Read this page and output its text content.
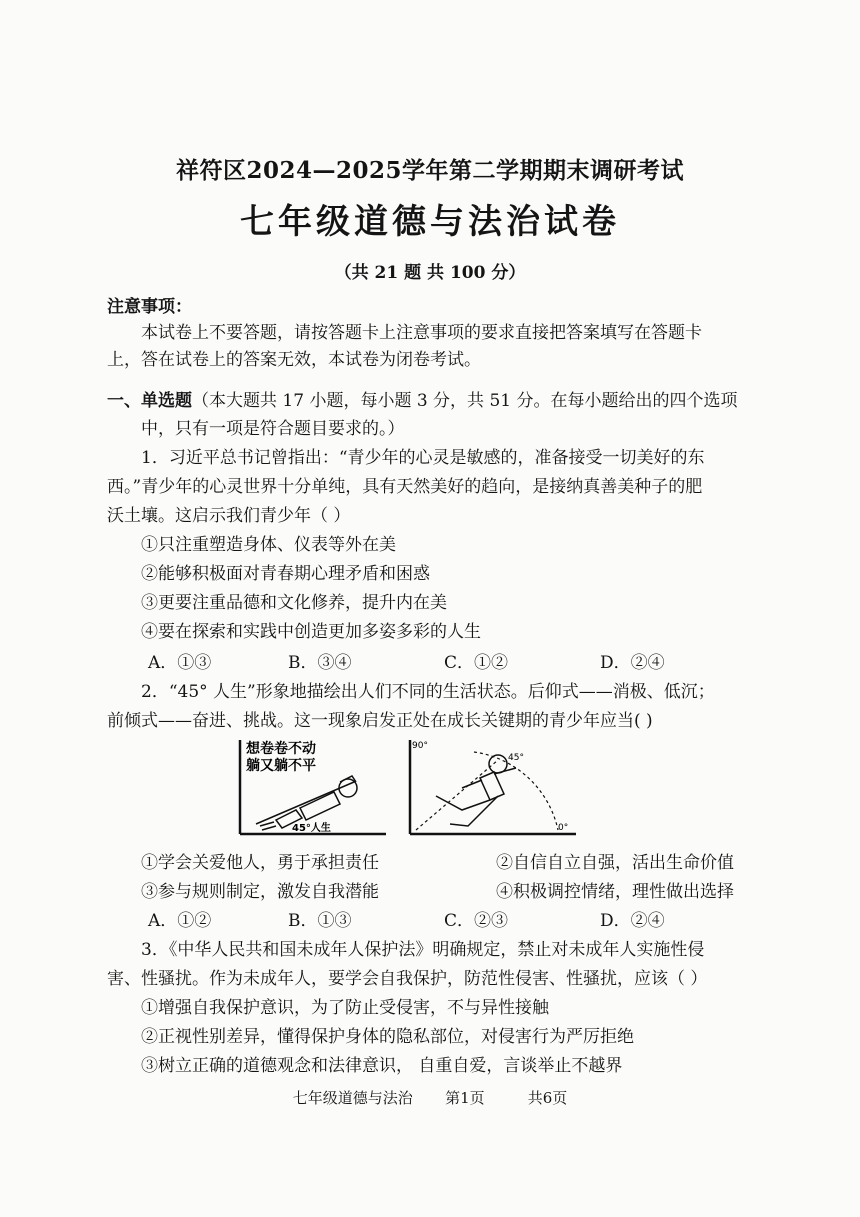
祥符区2024—2025学年第二学期期末调研考试
七年级道德与法治试卷
（共 21 题 共 100 分）
注意事项：
本试卷上不要答题，请按答题卡上注意事项的要求直接把答案填写在答题卡
上，答在试卷上的答案无效，本试卷为闭卷考试。
一、单选题（本大题共 17 小题，每小题 3 分，共 51 分。在每小题给出的四个选项
中，只有一项是符合题目要求的。）
1．习近平总书记曾指出：“青少年的心灵是敏感的，准备接受一切美好的东
西。”青少年的心灵世界十分单纯，具有天然美好的趋向，是接纳真善美种子的肥
沃土壤。这启示我们青少年（ ）
①只注重塑造身体、仪表等外在美
②能够积极面对青春期心理矛盾和困惑
③更要注重品德和文化修养，提升内在美
④要在探索和实践中创造更加多姿多彩的人生
A．①③	B．③④	C．①②	D．②④
2．“45° 人生”形象地描绘出人们不同的生活状态。后仰式——消极、低沉；
前倾式——奋进、挑战。这一现象启发正处在成长关键期的青少年应当( )
想卷卷不动
躺又躺不平
45°人生
90°
45°
0°
①学会关爱他人，勇于承担责任	②自信自立自强，活出生命价值
③参与规则制定，激发自我潜能	④积极调控情绪，理性做出选择
A．①②	B．①③	C．②③	D．②④
3．《中华人民共和国未成年人保护法》明确规定，禁止对未成年人实施性侵
害、性骚扰。作为未成年人，要学会自我保护，防范性侵害、性骚扰，应该（ ）
①增强自我保护意识，为了防止受侵害，不与异性接触
②正视性别差异，懂得保护身体的隐私部位，对侵害行为严厉拒绝
③树立正确的道德观念和法律意识， 自重自爱，言谈举止不越界
七年级道德与法治 第1页	共6页
